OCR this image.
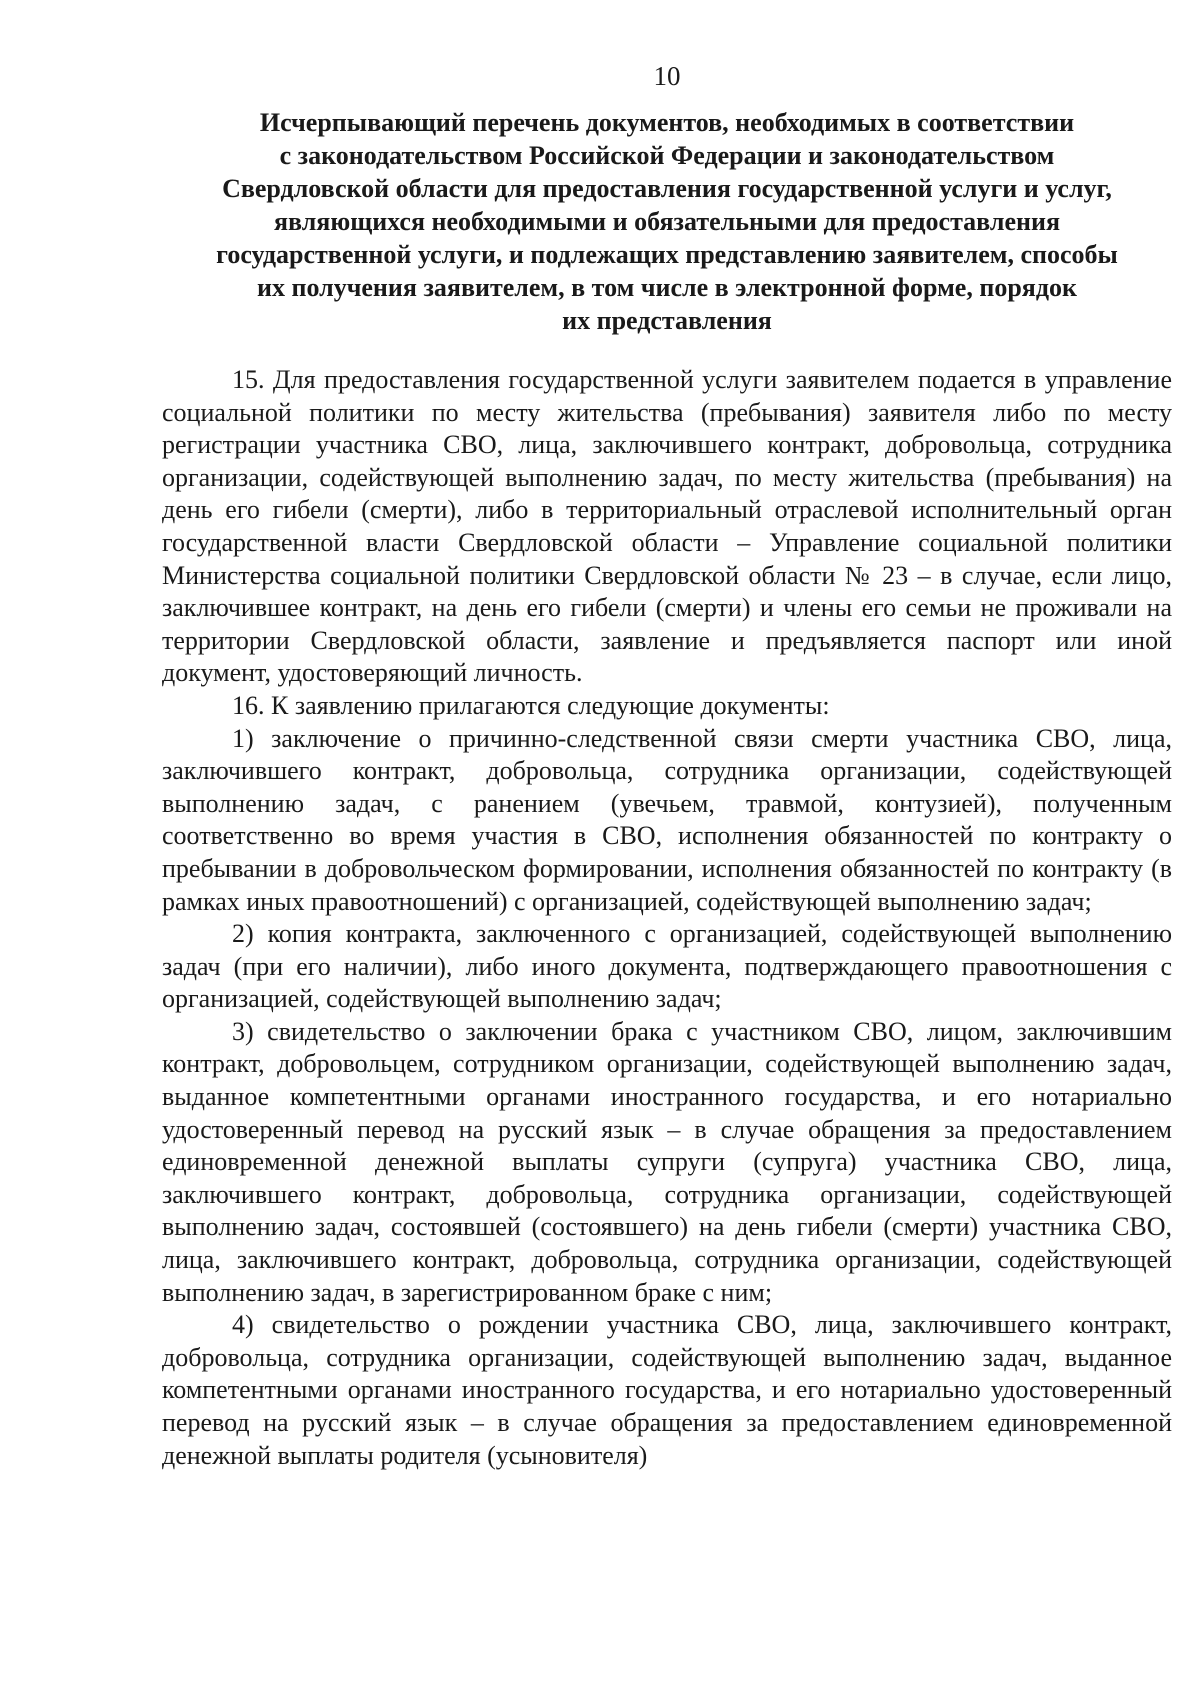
10
Исчерпывающий перечень документов, необходимых в соответствии
с законодательством Российской Федерации и законодательством
Свердловской области для предоставления государственной услуги и услуг,
являющихся необходимыми и обязательными для предоставления
государственной услуги, и подлежащих представлению заявителем, способы
их получения заявителем, в том числе в электронной форме, порядок
их представления

15. Для предоставления государственной услуги заявителем подается в управление социальной политики по месту жительства (пребывания) заявителя либо по месту регистрации участника СВО, лица, заключившего контракт, добровольца, сотрудника организации, содействующей выполнению задач, по месту жительства (пребывания) на день его гибели (смерти), либо в территориальный отраслевой исполнительный орган государственной власти Свердловской области – Управление социальной политики Министерства социальной политики Свердловской области № 23 – в случае, если лицо, заключившее контракт, на день его гибели (смерти) и члены его семьи не проживали на территории Свердловской области, заявление и предъявляется паспорт или иной документ, удостоверяющий личность.

16. К заявлению прилагаются следующие документы:

1) заключение о причинно-следственной связи смерти участника СВО, лица, заключившего контракт, добровольца, сотрудника организации, содействующей выполнению задач, с ранением (увечьем, травмой, контузией), полученным соответственно во время участия в СВО, исполнения обязанностей по контракту о пребывании в добровольческом формировании, исполнения обязанностей по контракту (в рамках иных правоотношений) с организацией, содействующей выполнению задач;

2) копия контракта, заключенного с организацией, содействующей выполнению задач (при его наличии), либо иного документа, подтверждающего правоотношения с организацией, содействующей выполнению задач;

3) свидетельство о заключении брака с участником СВО, лицом, заключившим контракт, добровольцем, сотрудником организации, содействующей выполнению задач, выданное компетентными органами иностранного государства, и его нотариально удостоверенный перевод на русский язык – в случае обращения за предоставлением единовременной денежной выплаты супруги (супруга) участника СВО, лица, заключившего контракт, добровольца, сотрудника организации, содействующей выполнению задач, состоявшей (состоявшего) на день гибели (смерти) участника СВО, лица, заключившего контракт, добровольца, сотрудника организации, содействующей выполнению задач, в зарегистрированном браке с ним;

4) свидетельство о рождении участника СВО, лица, заключившего контракт, добровольца, сотрудника организации, содействующей выполнению задач, выданное компетентными органами иностранного государства, и его нотариально удостоверенный перевод на русский язык – в случае обращения за предоставлением единовременной денежной выплаты родителя (усыновителя)
